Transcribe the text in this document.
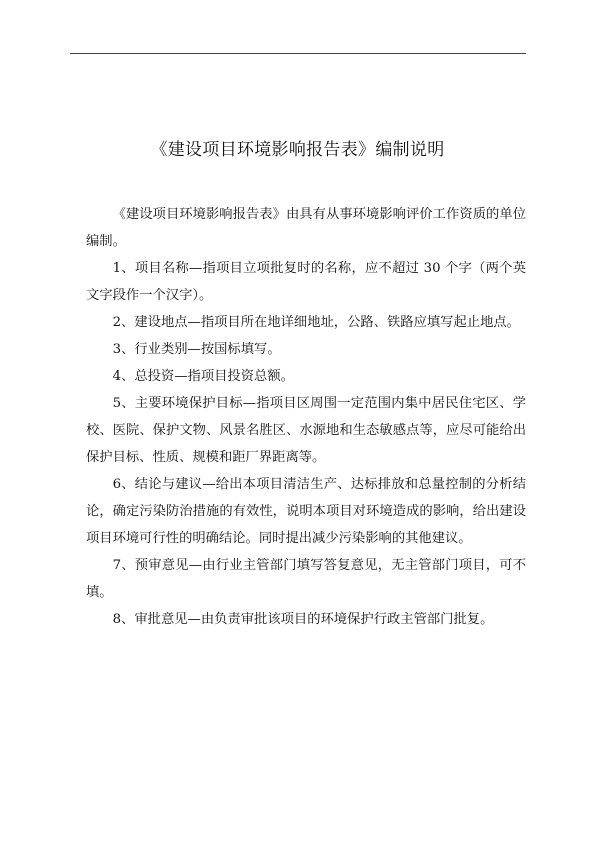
《建设项目环境影响报告表》编制说明
《建设项目环境影响报告表》由具有从事环境影响评价工作资质的单位编制。
1、项目名称—指项目立项批复时的名称，应不超过 30 个字（两个英文字段作一个汉字）。
2、建设地点—指项目所在地详细地址，公路、铁路应填写起止地点。
3、行业类别—按国标填写。
4、总投资—指项目投资总额。
5、主要环境保护目标—指项目区周围一定范围内集中居民住宅区、学校、医院、保护文物、风景名胜区、水源地和生态敏感点等，应尽可能给出保护目标、性质、规模和距厂界距离等。
6、结论与建议—给出本项目清洁生产、达标排放和总量控制的分析结论，确定污染防治措施的有效性，说明本项目对环境造成的影响，给出建设项目环境可行性的明确结论。同时提出减少污染影响的其他建议。
7、预审意见—由行业主管部门填写答复意见，无主管部门项目，可不填。
8、审批意见—由负责审批该项目的环境保护行政主管部门批复。
